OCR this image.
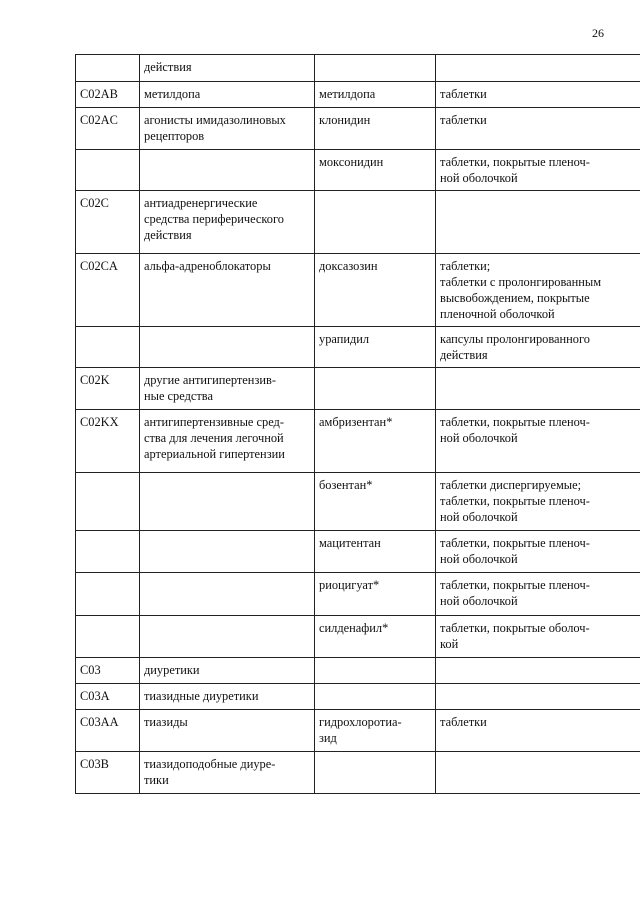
26

	действия		

C02AB	метилдопа	метилдопа	таблетки

C02AC	агонисты имидазолиновых
рецепторов	клонидин	таблетки

		моксонидин	таблетки, покрытые пленоч-
ной оболочкой

C02C	антиадренергические
средства периферического
действия		

C02CA	альфа-адреноблокаторы	доксазозин	таблетки;
таблетки с пролонгированным
высвобождением, покрытые
пленочной оболочкой

		урапидил	капсулы пролонгированного
действия

C02K	другие антигипертензив-
ные средства		

C02KX	антигипертензивные сред-
ства для лечения легочной
артериальной гипертензии	амбризентан*	таблетки, покрытые пленоч-
ной оболочкой

		бозентан*	таблетки диспергируемые;
таблетки, покрытые пленоч-
ной оболочкой

		мацитентан	таблетки, покрытые пленоч-
ной оболочкой

		риоцигуат*	таблетки, покрытые пленоч-
ной оболочкой

		силденафил*	таблетки, покрытые оболоч-
кой

C03	диуретики		

C03A	тиазидные диуретики		

C03AA	тиазиды	гидрохлоротиа-
зид	таблетки

C03B	тиазидоподобные диуре-
тики		
